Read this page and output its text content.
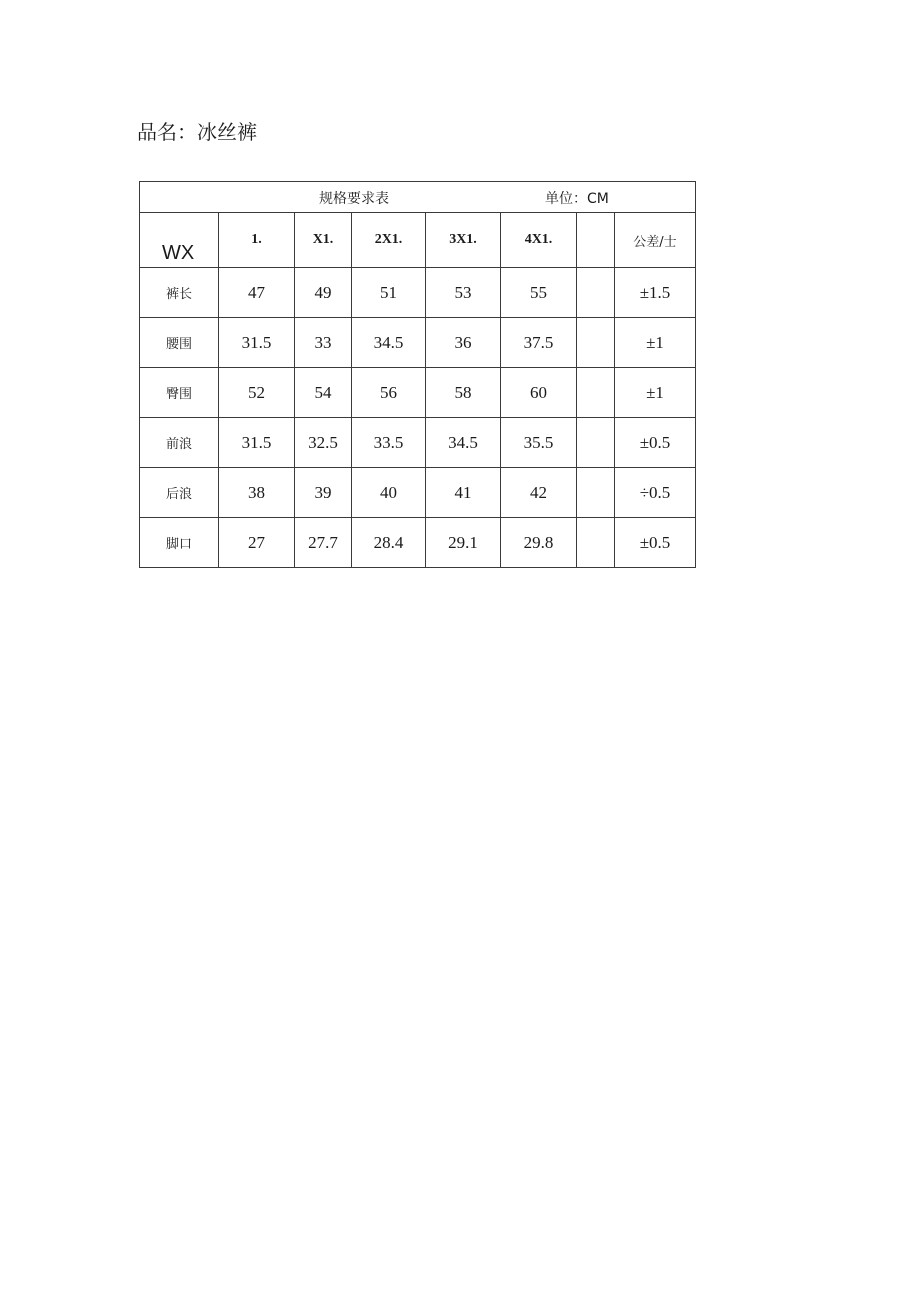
品名：冰丝裤
规格要求表 单位：CM							

WX	1.	X1.	2X1.	3X1.	4X1.		公差/士
裤长	47	49	51	53	55		±1.5
腰围	31.5	33	34.5	36	37.5		±1
臀围	52	54	56	58	60		±1
前浪	31.5	32.5	33.5	34.5	35.5		±0.5
后浪	38	39	40	41	42		÷0.5
脚口	27	27.7	28.4	29.1	29.8		±0.5
